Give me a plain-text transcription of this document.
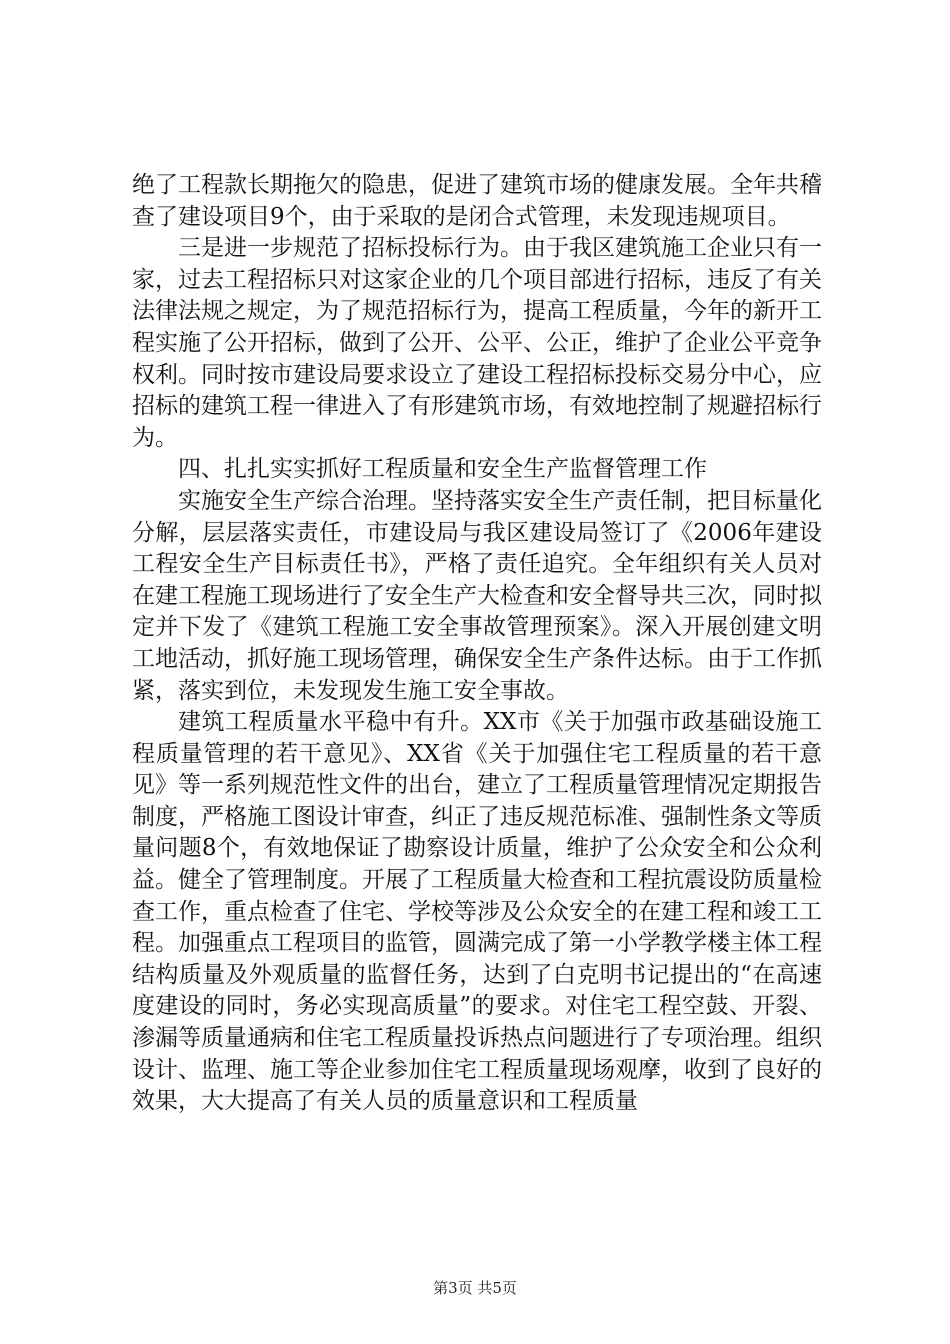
绝了工程款长期拖欠的隐患，促进了建筑市场的健康发展。全年共稽查了建设项目9个，由于采取的是闭合式管理，未发现违规项目。

三是进一步规范了招标投标行为。由于我区建筑施工企业只有一家，过去工程招标只对这家企业的几个项目部进行招标，违反了有关法律法规之规定，为了规范招标行为，提高工程质量，今年的新开工程实施了公开招标，做到了公开、公平、公正，维护了企业公平竞争权利。同时按市建设局要求设立了建设工程招标投标交易分中心，应招标的建筑工程一律进入了有形建筑市场，有效地控制了规避招标行为。

四、扎扎实实抓好工程质量和安全生产监督管理工作

实施安全生产综合治理。坚持落实安全生产责任制，把目标量化分解，层层落实责任，市建设局与我区建设局签订了《2006年建设工程安全生产目标责任书》，严格了责任追究。全年组织有关人员对在建工程施工现场进行了安全生产大检查和安全督导共三次，同时拟定并下发了《建筑工程施工安全事故管理预案》。深入开展创建文明工地活动，抓好施工现场管理，确保安全生产条件达标。由于工作抓紧，落实到位，未发现发生施工安全事故。

建筑工程质量水平稳中有升。XX市《关于加强市政基础设施工程质量管理的若干意见》、XX省《关于加强住宅工程质量的若干意见》等一系列规范性文件的出台，建立了工程质量管理情况定期报告制度，严格施工图设计审查，纠正了违反规范标准、强制性条文等质量问题8个，有效地保证了勘察设计质量，维护了公众安全和公众利益。健全了管理制度。开展了工程质量大检查和工程抗震设防质量检查工作，重点检查了住宅、学校等涉及公众安全的在建工程和竣工工程。加强重点工程项目的监管，圆满完成了第一小学教学楼主体工程结构质量及外观质量的监督任务，达到了白克明书记提出的“在高速度建设的同时，务必实现高质量”的要求。对住宅工程空鼓、开裂、渗漏等质量通病和住宅工程质量投诉热点问题进行了专项治理。组织设计、监理、施工等企业参加住宅工程质量现场观摩，收到了良好的效果，大大提高了有关人员的质量意识和工程质量

第3页 共5页
